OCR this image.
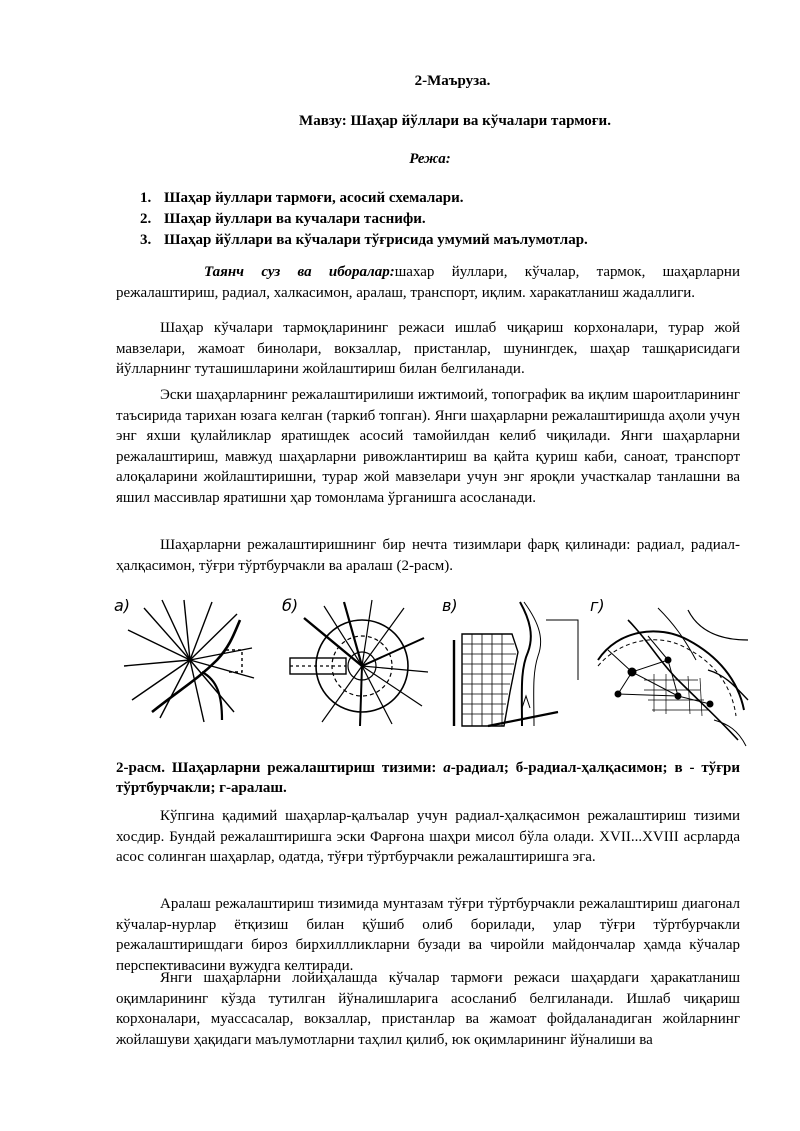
2-Маъруза.
Мавзу: Шаҳар йўллари ва кўчалари тармоғи.
Режа:
1. Шаҳар йуллари тармоғи, асосий схемалари.
2. Шаҳар йуллари ва кучалари таснифи.
3. Шаҳар йўллари ва кўчалари тўғрисида умумий маълумотлар.

Таянч суз ва иборалар:шахар йуллари, кўчалар, тармок, шаҳарларни режалаштириш, радиал, халкасимон, аралаш, транспорт, иқлим. харакатланиш жадаллиги.

Шаҳар кўчалари тармоқларининг режаси ишлаб чиқариш корхоналари, турар жой мавзелари, жамоат бинолари, вокзаллар, пристанлар, шунингдек, шаҳар ташқарисидаги йўлларнинг туташишларини жойлаштириш билан белгиланади.

Эски шаҳарларнинг режалаштирилиши ижтимоий, топографик ва иқлим шароитларининг таъсирида тарихан юзага келган (таркиб топган). Янги шаҳарларни режалаштиришда аҳоли учун энг яхши қулайликлар яратишдек асосий тамойилдан келиб чиқилади. Янги шаҳарларни режалаштириш, мавжуд шаҳарларни ривожлантириш ва қайта қуриш каби, саноат, транспорт алоқаларини жойлаштиришни, турар жой мавзелари учун энг яроқли участкалар танлашни ва яшил массивлар яратишни ҳар томонлама ўрганишга асосланади.

Шаҳарларни режалаштиришнинг бир нечта тизимлари фарқ қилинади: радиал, радиал-ҳалқасимон, тўғри тўртбурчакли ва аралаш (2-расм).

а)	б)	в)	г)

2-расм. Шаҳарларни режалаштириш тизими: а-радиал; б-радиал-ҳалқасимон; в - тўғри тўртбурчакли; г-аралаш.

Кўпгина қадимий шаҳарлар-қалъалар учун радиал-ҳалқасимон режалаштириш тизими хосдир. Бундай режалаштиришга эски Фарғона шаҳри мисол бўла олади. XVII...XVIII асрларда асос солинган шаҳарлар, одатда, тўғри тўртбурчакли режалаштиришга эга.

Аралаш режалаштириш тизимида мунтазам тўғри тўртбурчакли режалаштириш диагонал кўчалар-нурлар ётқизиш билан қўшиб олиб борилади, улар тўғри тўртбурчакли режалаштиришдаги бироз бирхиллликларни бузади ва чиройли майдончалар ҳамда кўчалар перспективасини вужудга келтиради.

Янги шаҳарларни лойиҳалашда кўчалар тармоғи режаси шаҳардаги ҳаракатланиш оқимларининг кўзда тутилган йўналишларига асосланиб белгиланади. Ишлаб чиқариш корхоналари, муассасалар, вокзаллар, пристанлар ва жамоат фойдаланадиган жойларнинг жойлашуви ҳақидаги маълумотларни таҳлил қилиб, юк оқимларининг йўналиши ва
